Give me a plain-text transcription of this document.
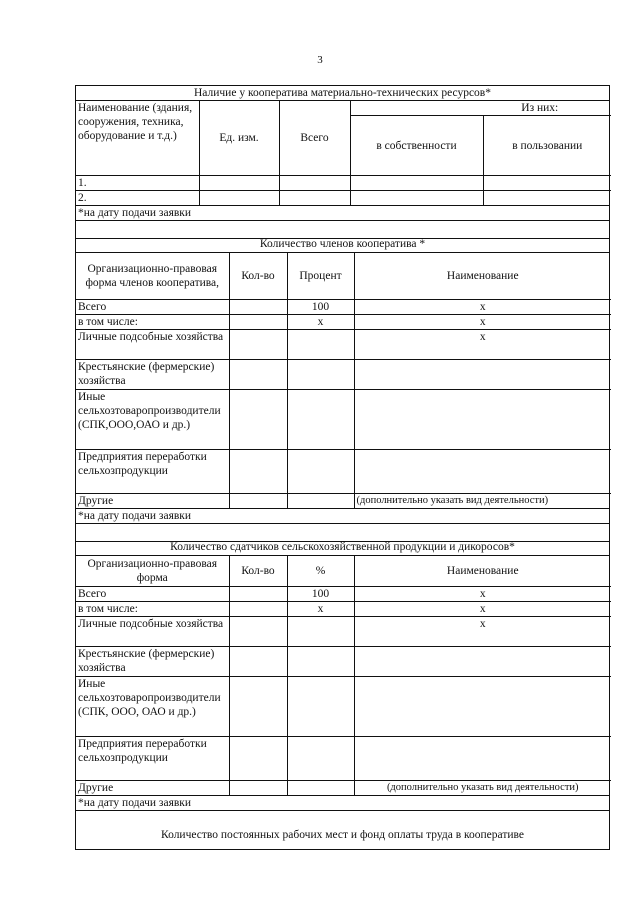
3
Наличие у кооператива материально-технических ресурсов*
Наименование (здания, сооружения, техника, оборудование и т.д.)	Ед. изм.	Всего	Из них:	
			в собственности	в пользовании
1.				
2.				
*на дату подачи заявки
Количество членов кооператива *
Организационно-правовая форма членов кооператива,	Кол-во	Процент	Наименование
Всего		100	x
в том числе:		x	x
Личные подсобные хозяйства			x
Крестьянские (фермерские) хозяйства			
Иные сельхозтоваропроизводители (СПК,ООО,ОАО и др.)			
Предприятия переработки сельхозпродукции			
Другие			(дополнительно указать вид деятельности)
*на дату подачи заявки
Количество сдатчиков сельскохозяйственной продукции и дикоросов*
Организационно-правовая форма	Кол-во	%	Наименование
Всего		100	x
в том числе:		x	x
Личные подсобные хозяйства			x
Крестьянские (фермерские) хозяйства			
Иные сельхозтоваропроизводители (СПК, ООО, ОАО и др.)			
Предприятия переработки сельхозпродукции			
Другие			(дополнительно указать вид деятельности)
*на дату подачи заявки
Количество постоянных рабочих мест и фонд оплаты труда в кооперативе
